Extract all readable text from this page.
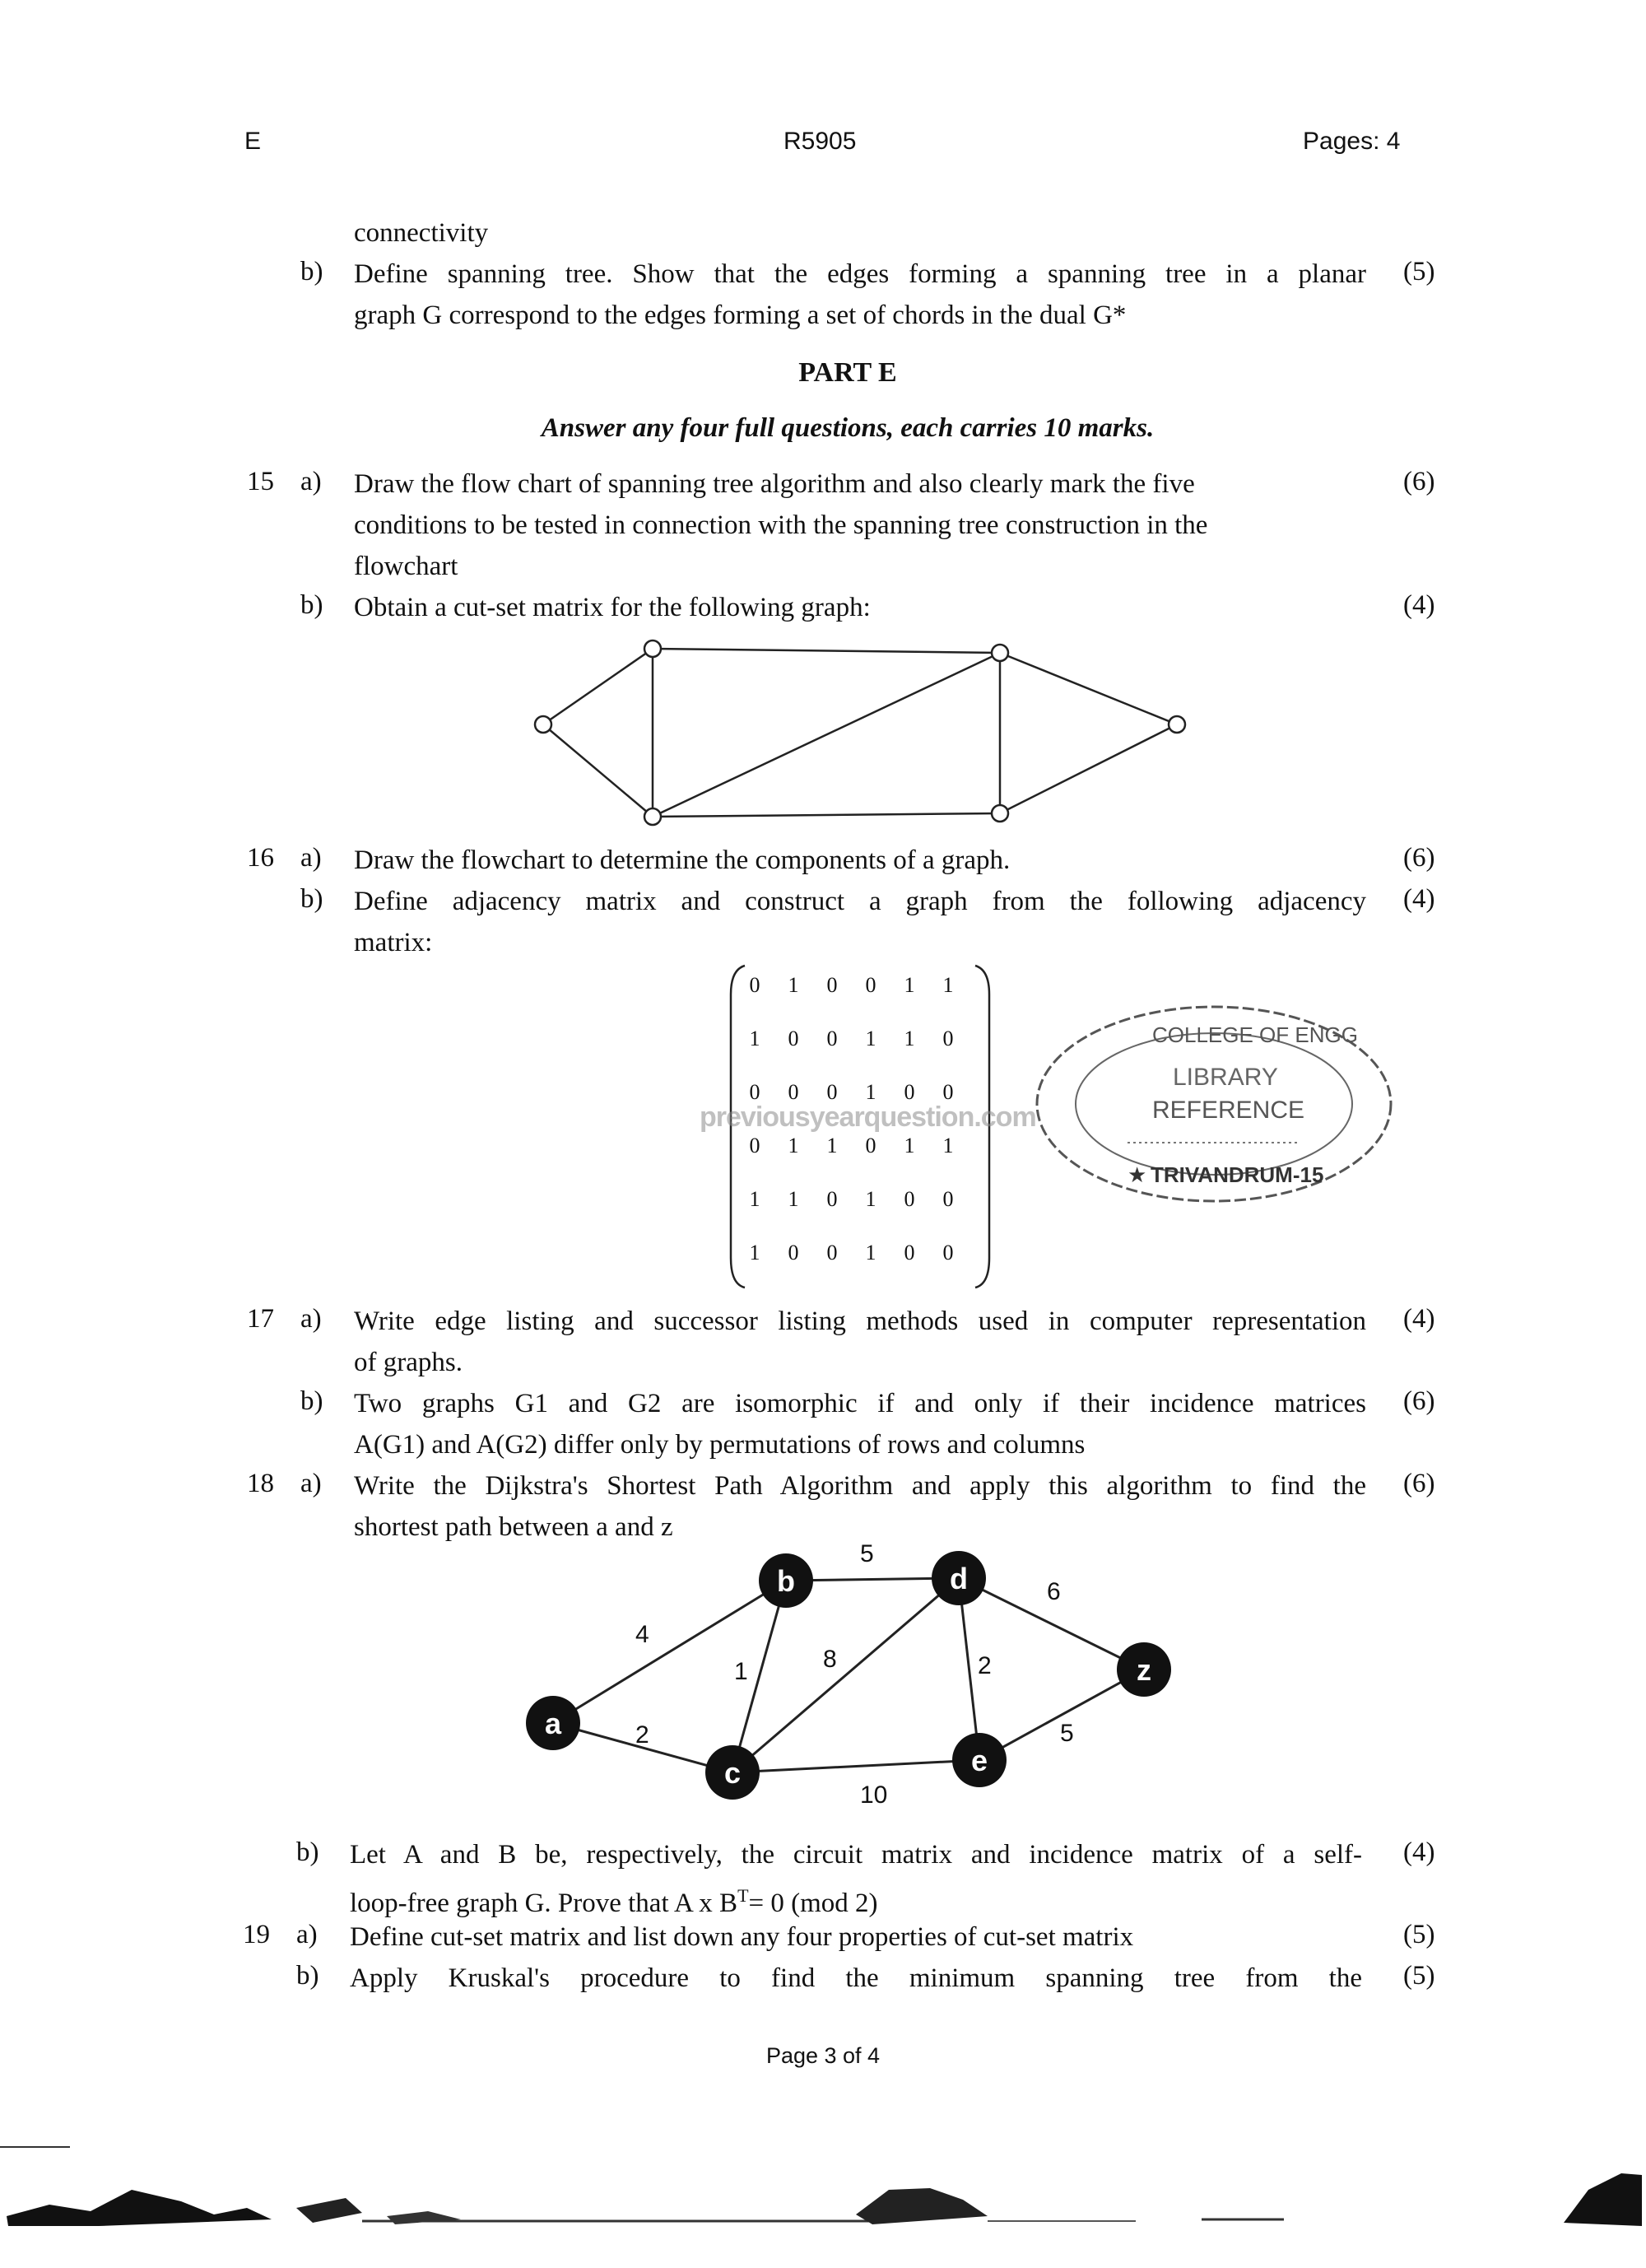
E	R5905	Pages: 4
connectivity
b) Define spanning tree. Show that the edges forming a spanning tree in a planar
graph G correspond to the edges forming a set of chords in the dual G*
(5)
PART E
Answer any four full questions, each carries 10 marks.
15 a) Draw the flow chart of spanning tree algorithm and also clearly mark the five
conditions to be tested in connection with the spanning tree construction in the
flowchart
(6)
b) Obtain a cut-set matrix for the following graph:	(4)
16 a) Draw the flowchart to determine the components of a graph.	(6)
b) Define adjacency matrix and construct a graph from the following adjacency
matrix:
(4)
0	1	0	0	1	1
1	0	0	1	1	0
0	0	0	1	0	0
0	1	1	0	1	1
1	1	0	1	0	0
1	0	0	1	0	0
previousyearquestion.com
COLLEGE OF ENGG
LIBRARY
REFERENCE
TRIVANDRUM-15
★
17 a) Write edge listing and successor listing methods used in computer representation
of graphs.
(4)
b) Two graphs G1 and G2 are isomorphic if and only if their incidence matrices
A(G1) and A(G2) differ only by permutations of rows and columns
(6)
18 a) Write the Dijkstra's Shortest Path Algorithm and apply this algorithm to find the
shortest path between a and z
(6)
4
2
1
5
8
10
2
6
5
a
b
c
d
e
z
b) Let A and B be, respectively, the circuit matrix and incidence matrix of a self-
loop-free graph G. Prove that A x $B^T= 0$ (mod 2)
(4)
19 a) Define cut-set matrix and list down any four properties of cut-set matrix	(5)
b) Apply Kruskal's procedure to find the minimum spanning tree from the (5)
Page 3 of 4
